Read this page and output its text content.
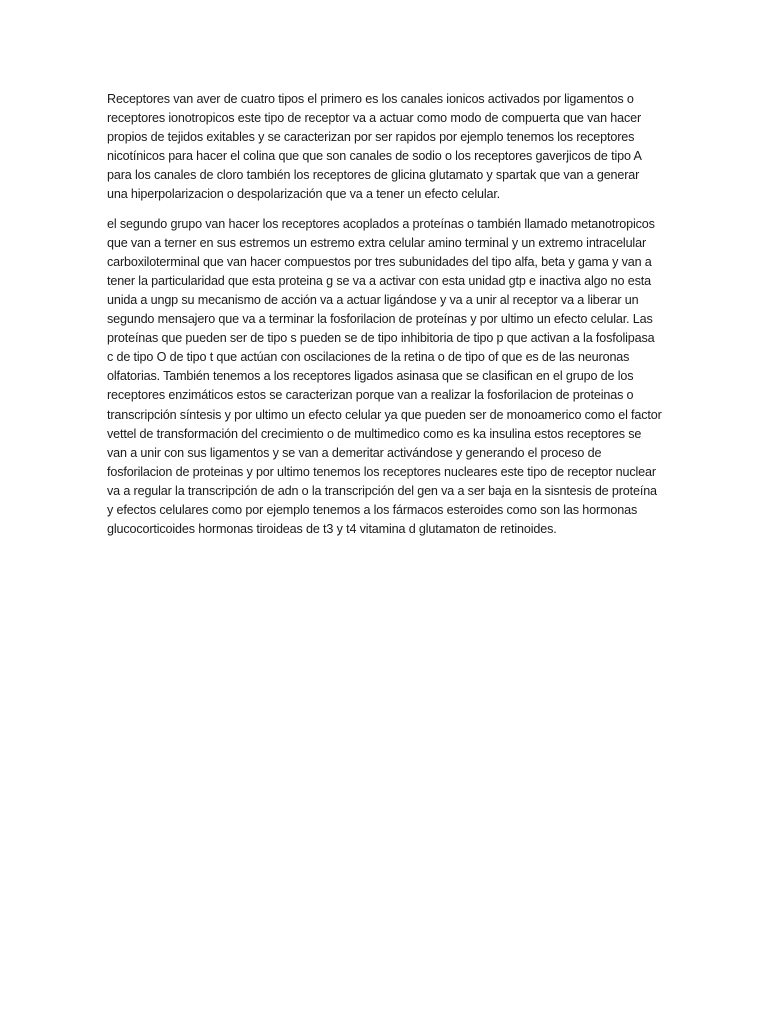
Receptores van aver de cuatro tipos el primero es los canales ionicos activados por ligamentos o receptores ionotropicos este tipo de receptor va a actuar como modo de compuerta que van hacer propios de tejidos exitables y se caracterizan por ser rapidos por ejemplo tenemos los receptores nicotínicos para hacer el colina que que son canales de sodio o los receptores gaverjicos de tipo A para los canales de cloro también los receptores de glicina glutamato y spartak que van a generar una hiperpolarizacion o despolarización que va a tener un efecto celular.

el segundo grupo van hacer los receptores acoplados a proteínas o también llamado metanotropicos que van a terner en sus estremos un estremo extra celular amino terminal y un extremo intracelular carboxiloterminal que van hacer compuestos por tres subunidades del tipo alfa, beta y gama y van a tener la particularidad que esta proteina g se va a activar con esta unidad gtp e inactiva algo no esta unida a ungp su mecanismo de acción va a actuar ligándose y va a unir al receptor va a liberar un segundo mensajero que va a terminar la fosforilacion de proteínas y por ultimo un efecto celular. Las proteínas que pueden ser de tipo s pueden se de tipo inhibitoria de tipo p que activan a la fosfolipasa c de tipo O de tipo t que actúan con oscilaciones de la retina o de tipo of que es de las neuronas olfatorias. También tenemos a los receptores ligados asinasa que se clasifican en el grupo de los receptores enzimáticos estos se caracterizan porque van a realizar la fosforilacion de proteinas o transcripción síntesis y por ultimo un efecto celular ya que pueden ser de monoamerico como el factor vettel de transformación del crecimiento o de multimedico como es ka insulina estos receptores se van a unir con sus ligamentos y se van a demeritar activándose y generando el proceso de fosforilacion de proteinas y por ultimo tenemos los receptores nucleares este tipo de receptor nuclear va a regular la transcripción de adn o la transcripción del gen va a ser baja en la sisntesis de proteína y efectos celulares como por ejemplo tenemos a los fármacos esteroides como son las hormonas glucocorticoides hormonas tiroideas de t3 y t4 vitamina d glutamaton de retinoides.
